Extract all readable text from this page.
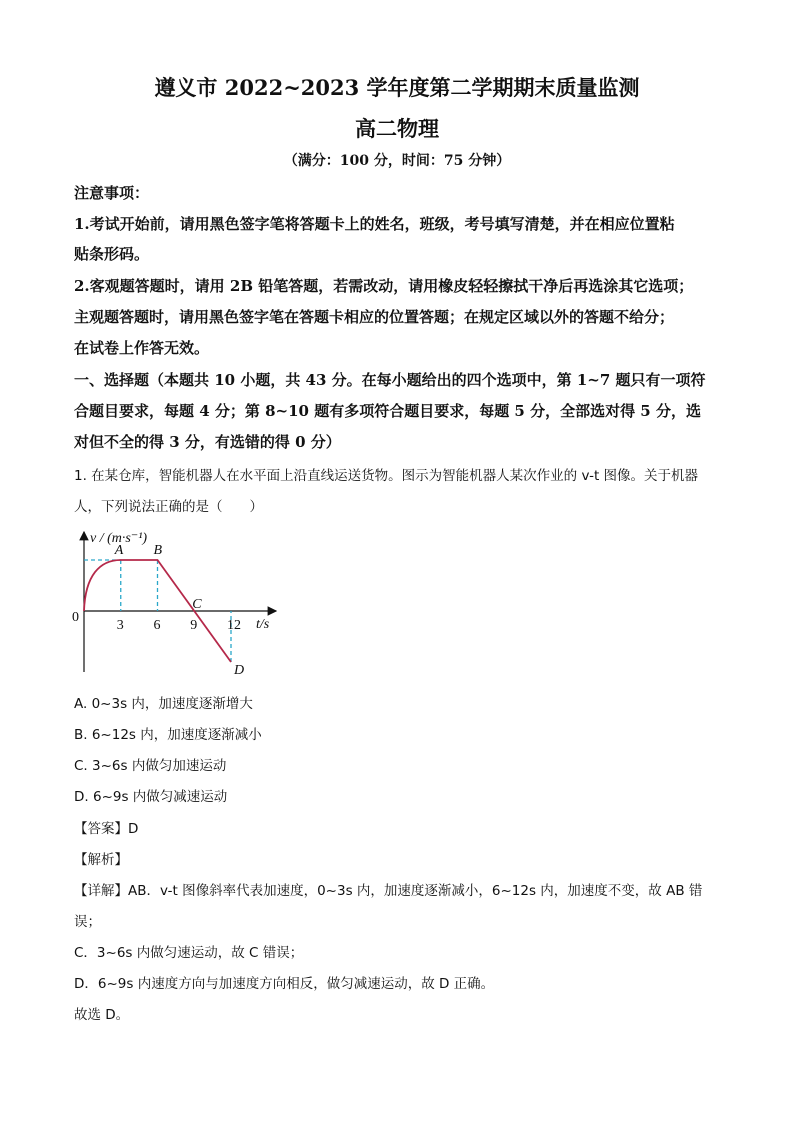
遵义市 2022~2023 学年度第二学期期末质量监测
高二物理
（满分：100 分，时间：75 分钟）
注意事项：
1.考试开始前，请用黑色签字笔将答题卡上的姓名，班级，考号填写清楚，并在相应位置粘
贴条形码。
2.客观题答题时，请用 2B 铅笔答题，若需改动，请用橡皮轻轻擦拭干净后再选涂其它选项；
主观题答题时，请用黑色签字笔在答题卡相应的位置答题；在规定区域以外的答题不给分；
在试卷上作答无效。
一、选择题（本题共 10 小题，共 43 分。在每小题给出的四个选项中，第 1~7 题只有一项符
合题目要求，每题 4 分；第 8~10 题有多项符合题目要求，每题 5 分，全部选对得 5 分，选
对但不全的得 3 分，有选错的得 0 分）
1. 在某仓库，智能机器人在水平面上沿直线运送货物。图示为智能机器人某次作业的 v-t 图像。关于机器
人，下列说法正确的是（　　）
v / (m·s⁻¹)
t/s
0
3 6 9 12
A B
C
D
A. 0~3s 内，加速度逐渐增大
B. 6~12s 内，加速度逐渐减小
C. 3~6s 内做匀加速运动
D. 6~9s 内做匀减速运动
【答案】D
【解析】
【详解】AB．v-t 图像斜率代表加速度，0~3s 内，加速度逐渐减小，6~12s 内，加速度不变，故 AB 错
误；
C．3~6s 内做匀速运动，故 C 错误；
D．6~9s 内速度方向与加速度方向相反，做匀减速运动，故 D 正确。
故选 D。
